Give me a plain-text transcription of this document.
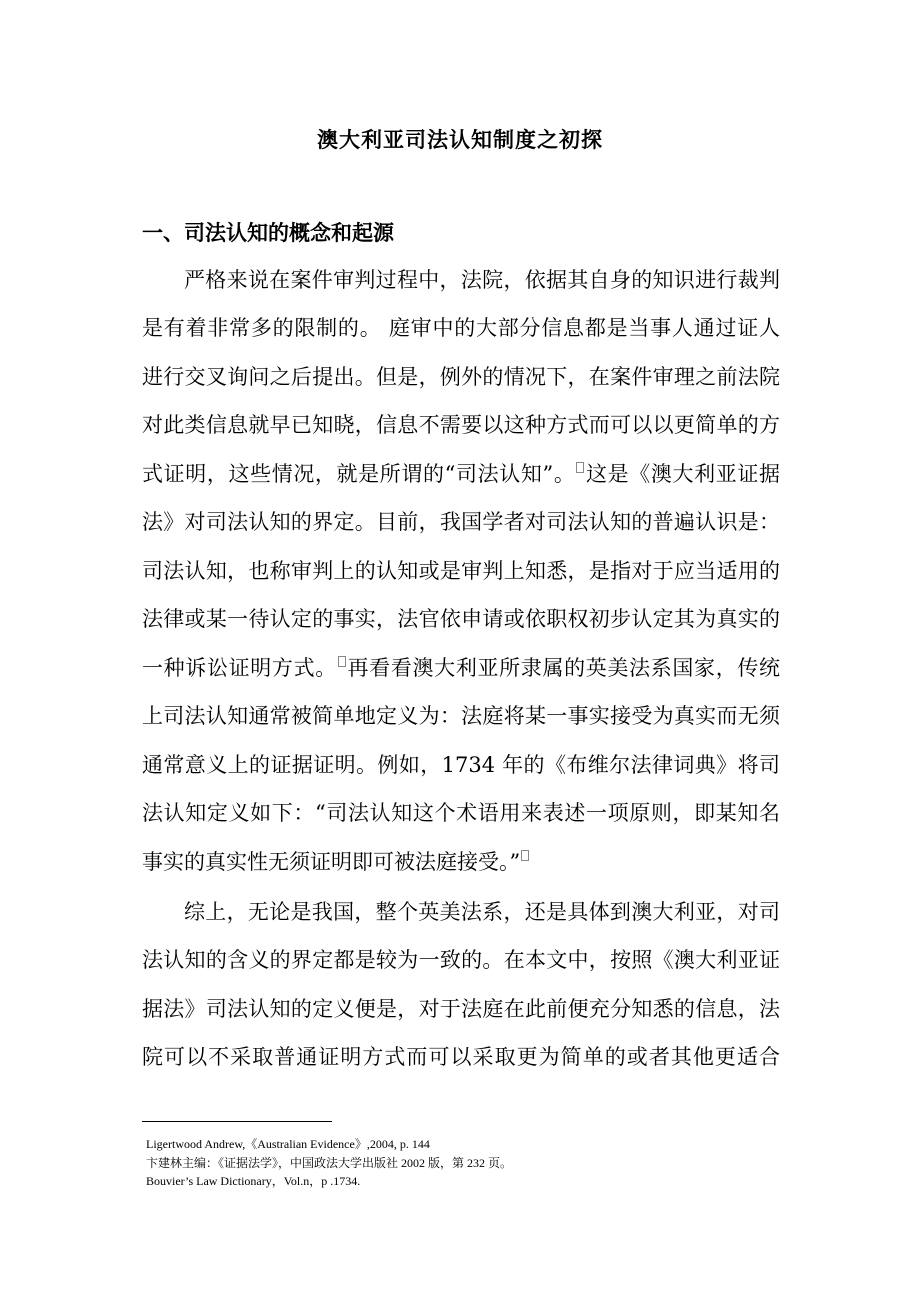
澳大利亚司法认知制度之初探
一、司法认知的概念和起源
严格来说在案件审判过程中，法院，依据其自身的知识进行裁判
是有着非常多的限制的。 庭审中的大部分信息都是当事人通过证人
进行交叉询问之后提出。但是，例外的情况下，在案件审理之前法院
对此类信息就早已知晓，信息不需要以这种方式而可以以更简单的方
式证明，这些情况，就是所谓的“司法认知”。 这是《澳大利亚证据
法》对司法认知的界定。目前，我国学者对司法认知的普遍认识是：
司法认知，也称审判上的认知或是审判上知悉，是指对于应当适用的
法律或某一待认定的事实，法官依申请或依职权初步认定其为真实的
一种诉讼证明方式。 再看看澳大利亚所隶属的英美法系国家，传统
上司法认知通常被简单地定义为：法庭将某一事实接受为真实而无须
通常意义上的证据证明。例如，1734 年的《布维尔法律词典》将司
法认知定义如下：“司法认知这个术语用来表述一项原则，即某知名
事实的真实性无须证明即可被法庭接受。”
综上，无论是我国，整个英美法系，还是具体到澳大利亚，对司
法认知的含义的界定都是较为一致的。在本文中，按照《澳大利亚证
据法》司法认知的定义便是，对于法庭在此前便充分知悉的信息，法
院可以不采取普通证明方式而可以采取更为简单的或者其他更适合
Ligertwood Andrew,《Australian Evidence》,2004, p. 144
卞建林主编：《证据法学》，中国政法大学出版社 2002 版，第 232 页。
Bouvier’s Law Dictionary，Vol.n，p .1734.
